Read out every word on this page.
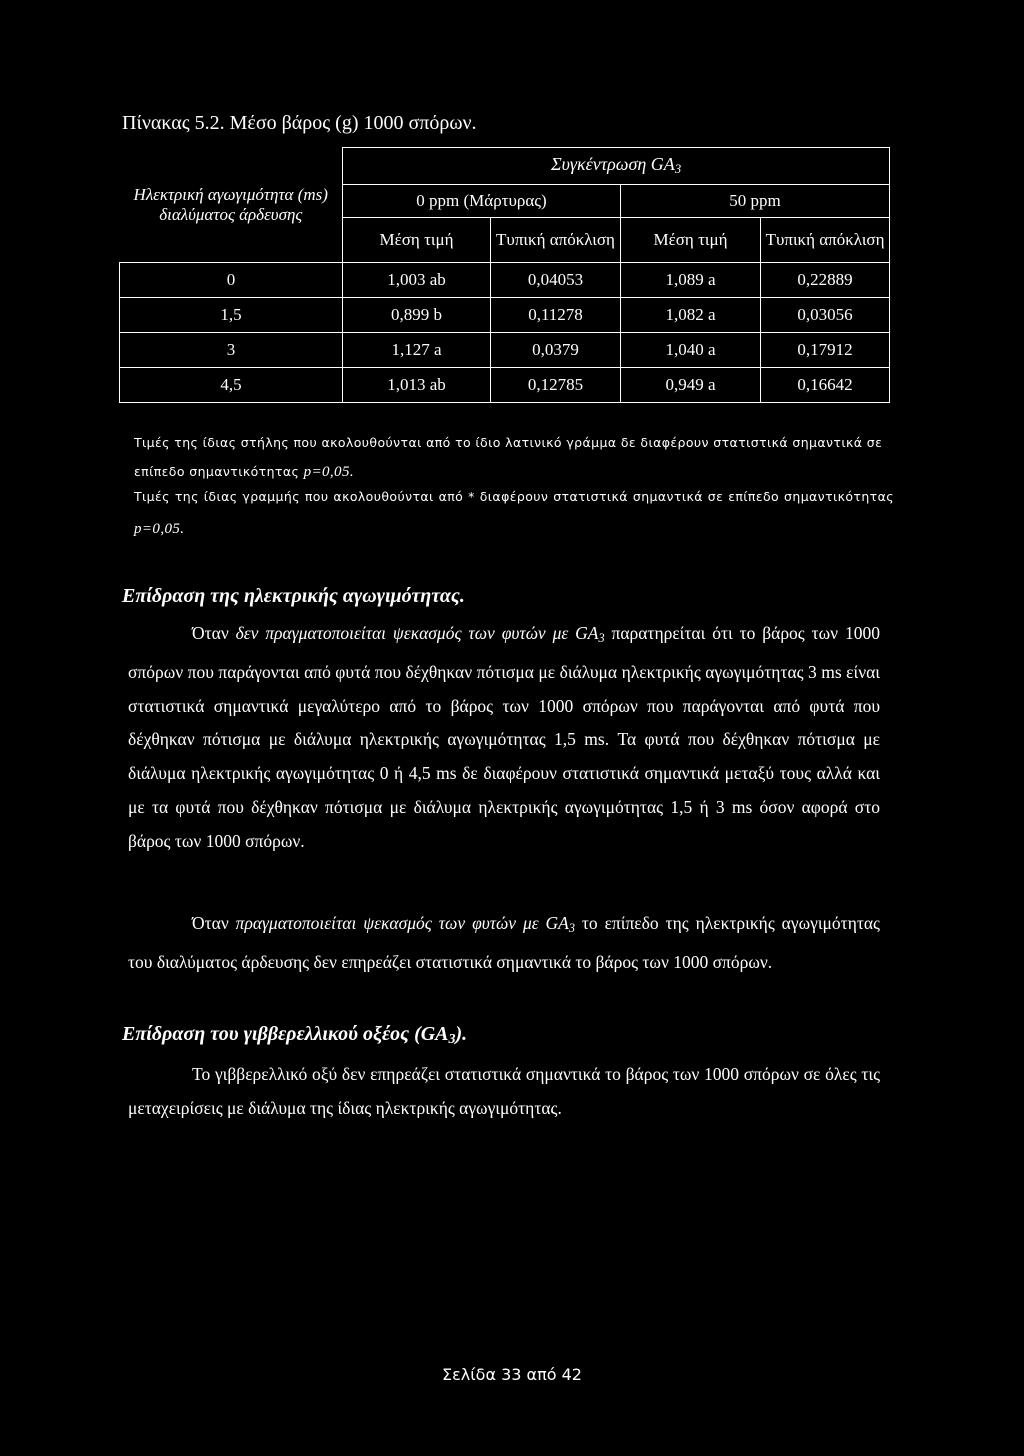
Πίνακας 5.2. Μέσο βάρος (g) 1000 σπόρων.
Ηλεκτρική αγωγιμότητα (ms) διαλύματος άρδευσης	Συγκέντρωση $GA_3$
	0 ppm (Μάρτυρας)		50 ppm	
	Μέση τιμή	Τυπική απόκλιση	Μέση τιμή	Τυπική απόκλιση
0	1,003 ab	0,04053	1,089 a	0,22889
1,5	0,899 b	0,11278	1,082 a	0,03056
3	1,127 a	0,0379	1,040 a	0,17912
4,5	1,013 ab	0,12785	0,949 a	0,16642
Τιμές της ίδιας στήλης που ακολουθούνται από το ίδιο λατινικό γράμμα δε διαφέρουν στατιστικά σημαντικά σε επίπεδο σημαντικότητας p=0,05.
Τιμές της ίδιας γραμμής που ακολουθούνται από * διαφέρουν στατιστικά σημαντικά σε επίπεδο σημαντικότητας p=0,05.
Επίδραση της ηλεκτρικής αγωγιμότητας.
Όταν δεν πραγματοποιείται ψεκασμός των φυτών με $GA_3$ παρατηρείται ότι το βάρος των 1000 σπόρων που παράγονται από φυτά που δέχθηκαν πότισμα με διάλυμα ηλεκτρικής αγωγιμότητας 3 ms είναι στατιστικά σημαντικά μεγαλύτερο από το βάρος των 1000 σπόρων που παράγονται από φυτά που δέχθηκαν πότισμα με διάλυμα ηλεκτρικής αγωγιμότητας 1,5 ms. Τα φυτά που δέχθηκαν πότισμα με διάλυμα ηλεκτρικής αγωγιμότητας 0 ή 4,5 ms δε διαφέρουν στατιστικά σημαντικά μεταξύ τους αλλά και με τα φυτά που δέχθηκαν πότισμα με διάλυμα ηλεκτρικής αγωγιμότητας 1,5 ή 3 ms όσον αφορά στο βάρος των 1000 σπόρων.
Όταν πραγματοποιείται ψεκασμός των φυτών με $GA_3$ το επίπεδο της ηλεκτρικής αγωγιμότητας του διαλύματος άρδευσης δεν επηρεάζει στατιστικά σημαντικά το βάρος των 1000 σπόρων.
Επίδραση του γιββερελλικού οξέος $(GA_3)$.
Το γιββερελλικό οξύ δεν επηρεάζει στατιστικά σημαντικά το βάρος των 1000 σπόρων σε όλες τις μεταχειρίσεις με διάλυμα της ίδιας ηλεκτρικής αγωγιμότητας.
Σελίδα 33 από 42
